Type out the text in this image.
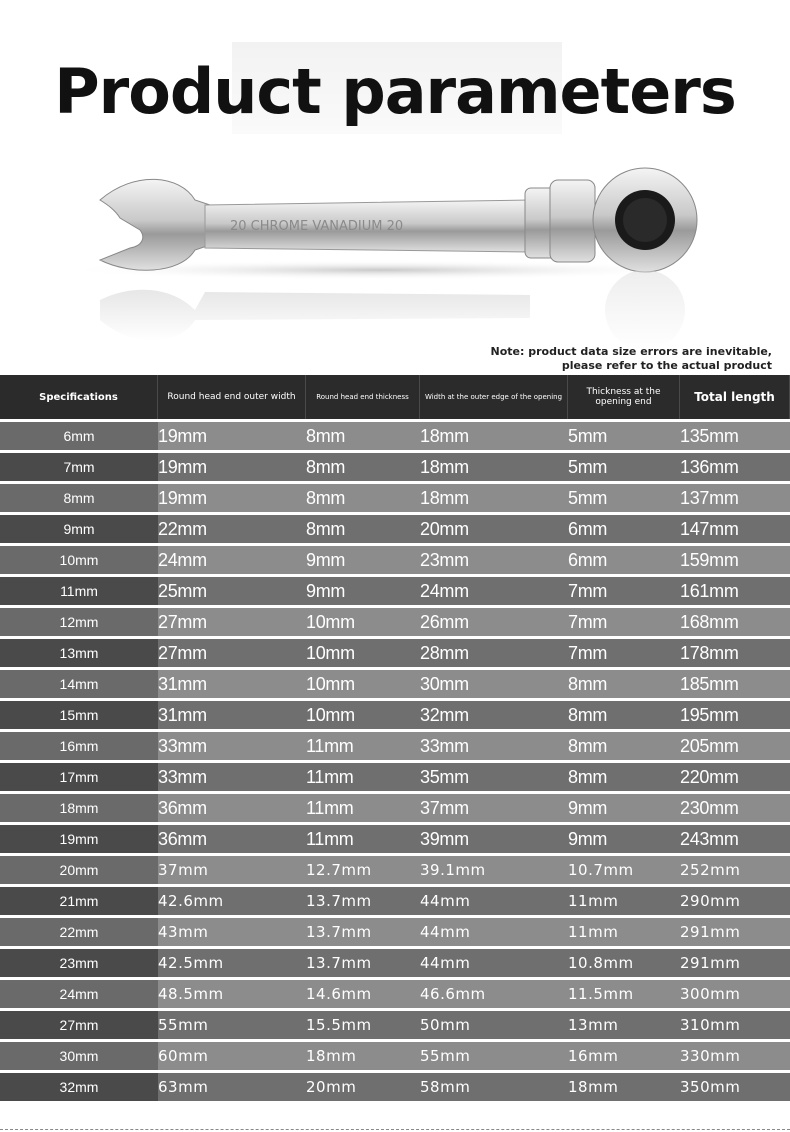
Product parameters
20 CHROME VANADIUM 20
Note: product data size errors are inevitable,
please refer to the actual product
Specifications	Round head end outer width	Round head end thickness	Width at the outer edge of the opening	Thickness at the opening end	Total length
6mm	19mm	8mm	18mm	5mm	135mm
7mm	19mm	8mm	18mm	5mm	136mm
8mm	19mm	8mm	18mm	5mm	137mm
9mm	22mm	8mm	20mm	6mm	147mm
10mm	24mm	9mm	23mm	6mm	159mm
11mm	25mm	9mm	24mm	7mm	161mm
12mm	27mm	10mm	26mm	7mm	168mm
13mm	27mm	10mm	28mm	7mm	178mm
14mm	31mm	10mm	30mm	8mm	185mm
15mm	31mm	10mm	32mm	8mm	195mm
16mm	33mm	11mm	33mm	8mm	205mm
17mm	33mm	11mm	35mm	8mm	220mm
18mm	36mm	11mm	37mm	9mm	230mm
19mm	36mm	11mm	39mm	9mm	243mm
20mm	37mm	12.7mm	39.1mm	10.7mm	252mm
21mm	42.6mm	13.7mm	44mm	11mm	290mm
22mm	43mm	13.7mm	44mm	11mm	291mm
23mm	42.5mm	13.7mm	44mm	10.8mm	291mm
24mm	48.5mm	14.6mm	46.6mm	11.5mm	300mm
27mm	55mm	15.5mm	50mm	13mm	310mm
30mm	60mm	18mm	55mm	16mm	330mm
32mm	63mm	20mm	58mm	18mm	350mm
